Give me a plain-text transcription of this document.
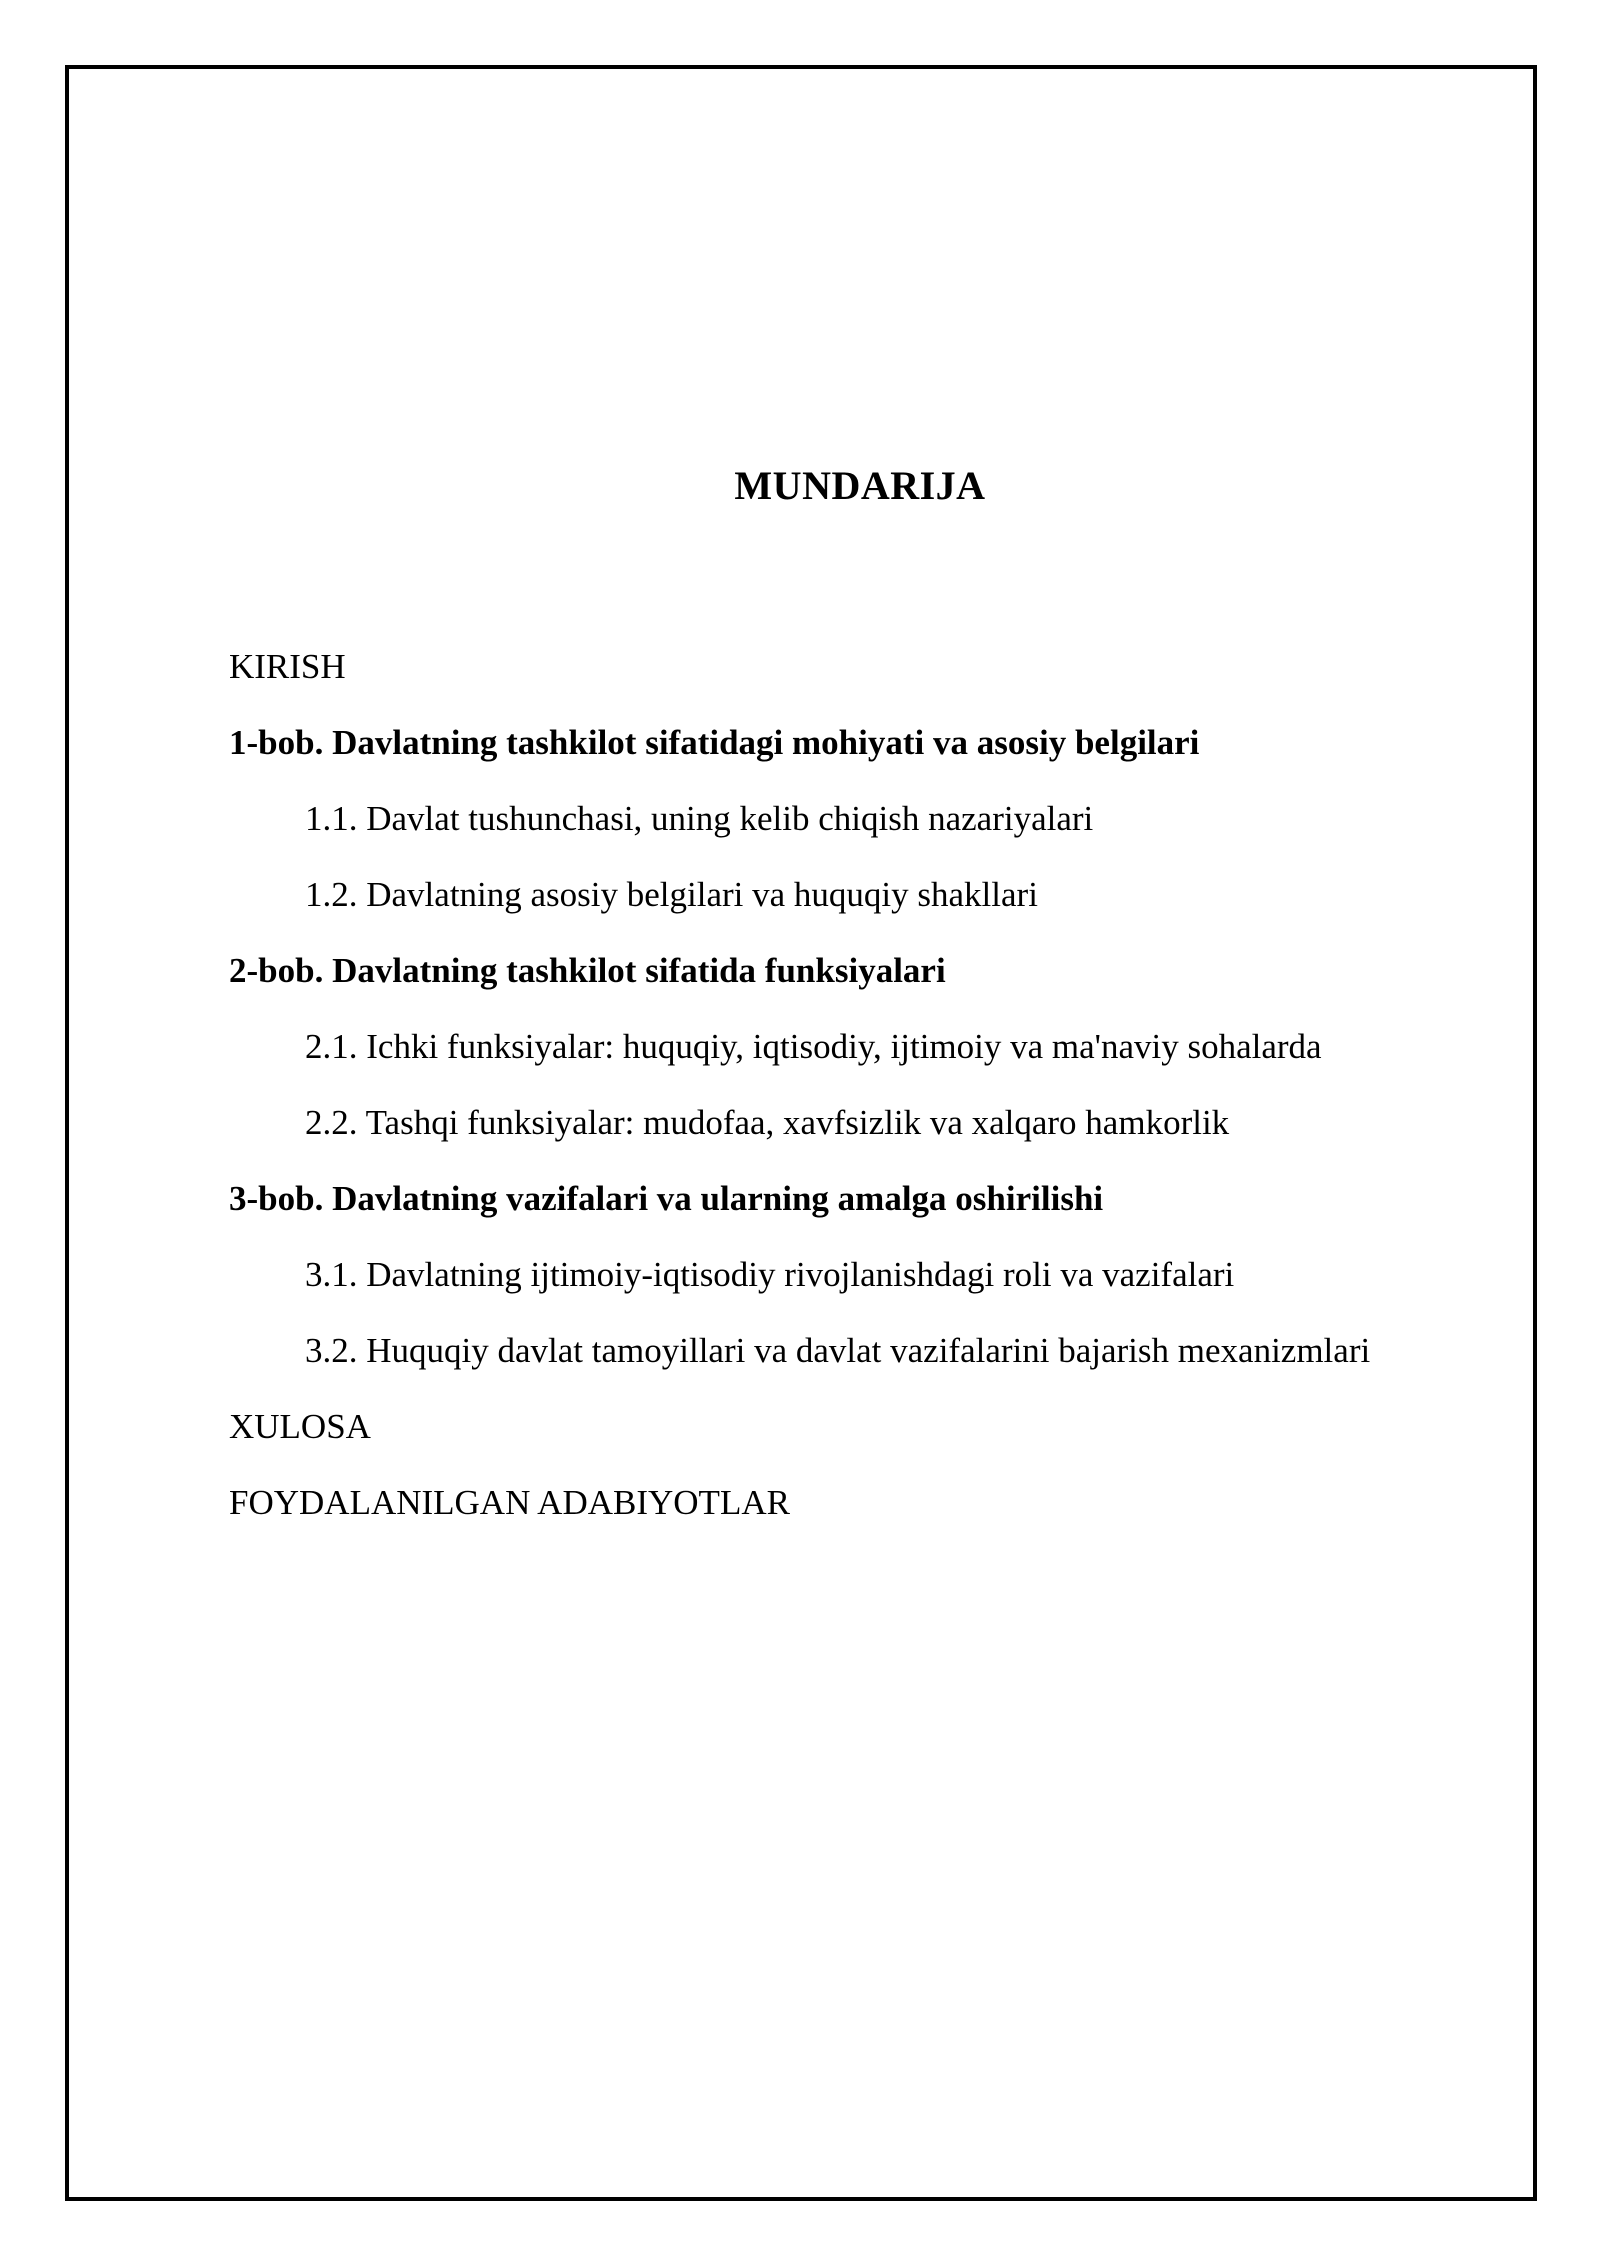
MUNDARIJA
KIRISH
1-bob. Davlatning tashkilot sifatidagi mohiyati va asosiy belgilari
1.1. Davlat tushunchasi, uning kelib chiqish nazariyalari
1.2. Davlatning asosiy belgilari va huquqiy shakllari
2-bob. Davlatning tashkilot sifatida funksiyalari
2.1. Ichki funksiyalar: huquqiy, iqtisodiy, ijtimoiy va ma'naviy sohalarda
2.2. Tashqi funksiyalar: mudofaa, xavfsizlik va xalqaro hamkorlik
3-bob. Davlatning vazifalari va ularning amalga oshirilishi
3.1. Davlatning ijtimoiy-iqtisodiy rivojlanishdagi roli va vazifalari
3.2. Huquqiy davlat tamoyillari va davlat vazifalarini bajarish mexanizmlari
XULOSA
FOYDALANILGAN ADABIYOTLAR
